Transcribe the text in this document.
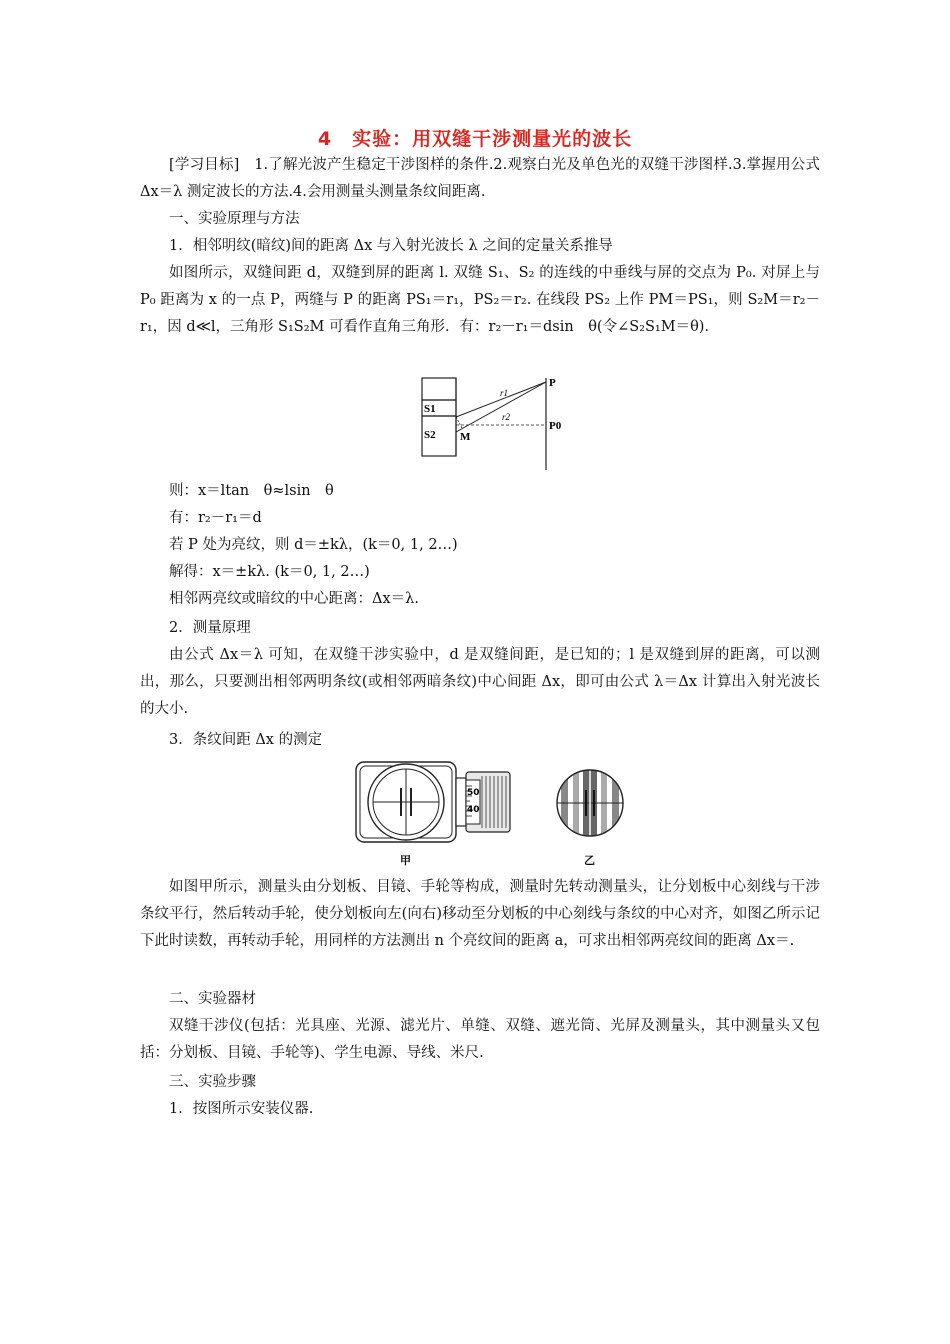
4　实验：用双缝干涉测量光的波长

[学习目标]　1.了解光波产生稳定干涉图样的条件.2.观察白光及单色光的双缝干涉图样.3.掌握用公式 Δx＝λ 测定波长的方法.4.会用测量头测量条纹间距离.

一、实验原理与方法

1．相邻明纹(暗纹)间的距离 Δx 与入射光波长 λ 之间的定量关系推导

如图所示，双缝间距 d，双缝到屏的距离 l. 双缝 S₁、S₂ 的连线的中垂线与屏的交点为 P₀. 对屏上与 P₀ 距离为 x 的一点 P，两缝与 P 的距离 PS₁＝r₁，PS₂＝r₂. 在线段 PS₂ 上作 PM＝PS₁，则 S₂M＝r₂－r₁，因 d≪l，三角形 S₁S₂M 可看作直角三角形．有：r₂－r₁＝dsin　θ(令∠S₂S₁M＝θ)．

S1
S2 M
r1
r2
P
P0

则：x＝ltan　θ≈lsin　θ

有：r₂－r₁＝d

若 P 处为亮纹，则 d＝±kλ，(k＝0, 1, 2…)

解得：x＝±kλ. (k＝0, 1, 2…)

相邻两亮纹或暗纹的中心距离：Δx＝λ.

2．测量原理

由公式 Δx＝λ 可知，在双缝干涉实验中，d 是双缝间距，是已知的；l 是双缝到屏的距离，可以测出，那么，只要测出相邻两明条纹(或相邻两暗条纹)中心间距 Δx，即可由公式 λ＝Δx 计算出入射光波长的大小.

3．条纹间距 Δx 的测定

50
40
甲	乙

如图甲所示，测量头由分划板、目镜、手轮等构成，测量时先转动测量头，让分划板中心刻线与干涉条纹平行，然后转动手轮，使分划板向左(向右)移动至分划板的中心刻线与条纹的中心对齐，如图乙所示记下此时读数，再转动手轮，用同样的方法测出 n 个亮纹间的距离 a，可求出相邻两亮纹间的距离 Δx＝.

二、实验器材

双缝干涉仪(包括：光具座、光源、滤光片、单缝、双缝、遮光筒、光屏及测量头，其中测量头又包括：分划板、目镜、手轮等)、学生电源、导线、米尺.

三、实验步骤

1．按图所示安装仪器.
